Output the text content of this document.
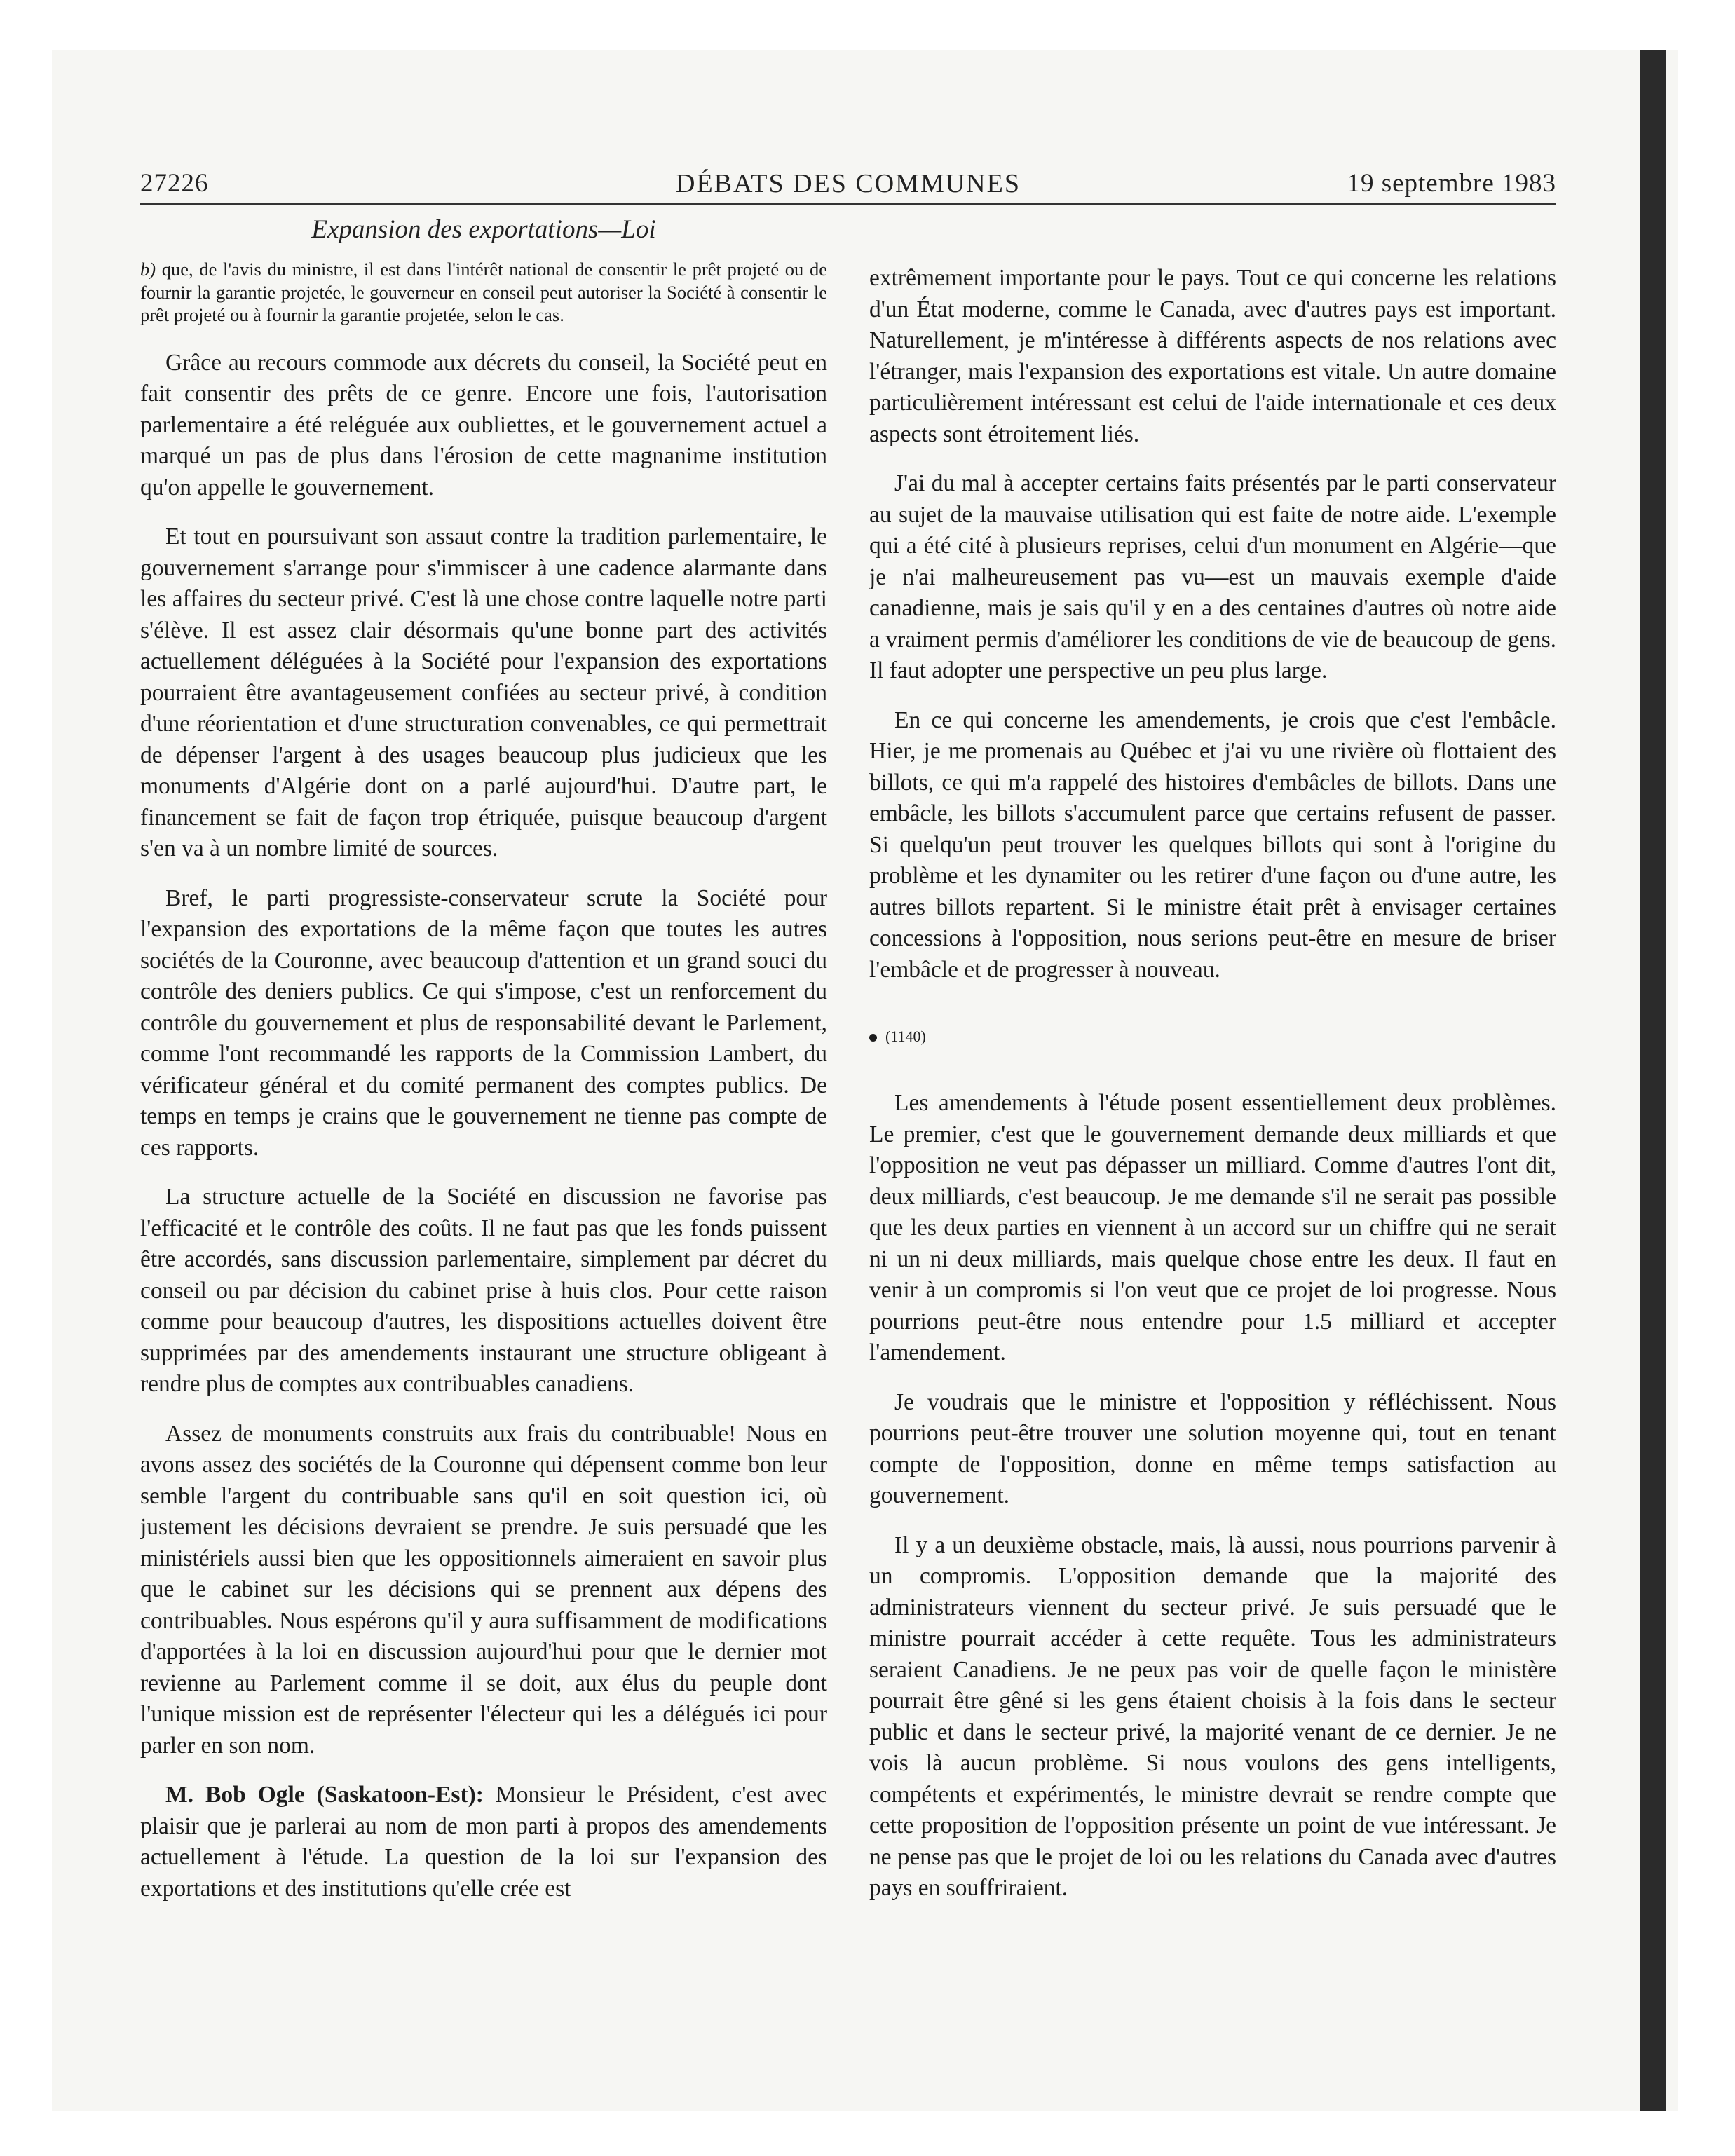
27226	DÉBATS DES COMMUNES	19 septembre 1983
Expansion des exportations—Loi

b) que, de l'avis du ministre, il est dans l'intérêt national de consentir le prêt projeté ou de fournir la garantie projetée, le gouverneur en conseil peut autoriser la Société à consentir le prêt projeté ou à fournir la garantie projetée, selon le cas.

Grâce au recours commode aux décrets du conseil, la Société peut en fait consentir des prêts de ce genre. Encore une fois, l'autorisation parlementaire a été reléguée aux oubliettes, et le gouvernement actuel a marqué un pas de plus dans l'érosion de cette magnanime institution qu'on appelle le gouvernement.

Et tout en poursuivant son assaut contre la tradition parlementaire, le gouvernement s'arrange pour s'immiscer à une cadence alarmante dans les affaires du secteur privé. C'est là une chose contre laquelle notre parti s'élève. Il est assez clair désormais qu'une bonne part des activités actuellement déléguées à la Société pour l'expansion des exportations pourraient être avantageusement confiées au secteur privé, à condition d'une réorientation et d'une structuration convenables, ce qui permettrait de dépenser l'argent à des usages beaucoup plus judicieux que les monuments d'Algérie dont on a parlé aujourd'hui. D'autre part, le financement se fait de façon trop étriquée, puisque beaucoup d'argent s'en va à un nombre limité de sources.

Bref, le parti progressiste-conservateur scrute la Société pour l'expansion des exportations de la même façon que toutes les autres sociétés de la Couronne, avec beaucoup d'attention et un grand souci du contrôle des deniers publics. Ce qui s'impose, c'est un renforcement du contrôle du gouvernement et plus de responsabilité devant le Parlement, comme l'ont recommandé les rapports de la Commission Lambert, du vérificateur général et du comité permanent des comptes publics. De temps en temps je crains que le gouvernement ne tienne pas compte de ces rapports.

La structure actuelle de la Société en discussion ne favorise pas l'efficacité et le contrôle des coûts. Il ne faut pas que les fonds puissent être accordés, sans discussion parlementaire, simplement par décret du conseil ou par décision du cabinet prise à huis clos. Pour cette raison comme pour beaucoup d'autres, les dispositions actuelles doivent être supprimées par des amendements instaurant une structure obligeant à rendre plus de comptes aux contribuables canadiens.

Assez de monuments construits aux frais du contribuable! Nous en avons assez des sociétés de la Couronne qui dépensent comme bon leur semble l'argent du contribuable sans qu'il en soit question ici, où justement les décisions devraient se prendre. Je suis persuadé que les ministériels aussi bien que les oppositionnels aimeraient en savoir plus que le cabinet sur les décisions qui se prennent aux dépens des contribuables. Nous espérons qu'il y aura suffisamment de modifications d'apportées à la loi en discussion aujourd'hui pour que le dernier mot revienne au Parlement comme il se doit, aux élus du peuple dont l'unique mission est de représenter l'électeur qui les a délégués ici pour parler en son nom.

M. Bob Ogle (Saskatoon-Est): Monsieur le Président, c'est avec plaisir que je parlerai au nom de mon parti à propos des amendements actuellement à l'étude. La question de la loi sur l'expansion des exportations et des institutions qu'elle crée est

extrêmement importante pour le pays. Tout ce qui concerne les relations d'un État moderne, comme le Canada, avec d'autres pays est important. Naturellement, je m'intéresse à différents aspects de nos relations avec l'étranger, mais l'expansion des exportations est vitale. Un autre domaine particulièrement intéressant est celui de l'aide internationale et ces deux aspects sont étroitement liés.

J'ai du mal à accepter certains faits présentés par le parti conservateur au sujet de la mauvaise utilisation qui est faite de notre aide. L'exemple qui a été cité à plusieurs reprises, celui d'un monument en Algérie—que je n'ai malheureusement pas vu—est un mauvais exemple d'aide canadienne, mais je sais qu'il y en a des centaines d'autres où notre aide a vraiment permis d'améliorer les conditions de vie de beaucoup de gens. Il faut adopter une perspective un peu plus large.

En ce qui concerne les amendements, je crois que c'est l'embâcle. Hier, je me promenais au Québec et j'ai vu une rivière où flottaient des billots, ce qui m'a rappelé des histoires d'embâcles de billots. Dans une embâcle, les billots s'accumulent parce que certains refusent de passer. Si quelqu'un peut trouver les quelques billots qui sont à l'origine du problème et les dynamiter ou les retirer d'une façon ou d'une autre, les autres billots repartent. Si le ministre était prêt à envisager certaines concessions à l'opposition, nous serions peut-être en mesure de briser l'embâcle et de progresser à nouveau.

(1140)

Les amendements à l'étude posent essentiellement deux problèmes. Le premier, c'est que le gouvernement demande deux milliards et que l'opposition ne veut pas dépasser un milliard. Comme d'autres l'ont dit, deux milliards, c'est beaucoup. Je me demande s'il ne serait pas possible que les deux parties en viennent à un accord sur un chiffre qui ne serait ni un ni deux milliards, mais quelque chose entre les deux. Il faut en venir à un compromis si l'on veut que ce projet de loi progresse. Nous pourrions peut-être nous entendre pour 1.5 milliard et accepter l'amendement.

Je voudrais que le ministre et l'opposition y réfléchissent. Nous pourrions peut-être trouver une solution moyenne qui, tout en tenant compte de l'opposition, donne en même temps satisfaction au gouvernement.

Il y a un deuxième obstacle, mais, là aussi, nous pourrions parvenir à un compromis. L'opposition demande que la majorité des administrateurs viennent du secteur privé. Je suis persuadé que le ministre pourrait accéder à cette requête. Tous les administrateurs seraient Canadiens. Je ne peux pas voir de quelle façon le ministère pourrait être gêné si les gens étaient choisis à la fois dans le secteur public et dans le secteur privé, la majorité venant de ce dernier. Je ne vois là aucun problème. Si nous voulons des gens intelligents, compétents et expérimentés, le ministre devrait se rendre compte que cette proposition de l'opposition présente un point de vue intéressant. Je ne pense pas que le projet de loi ou les relations du Canada avec d'autres pays en souffriraient.
